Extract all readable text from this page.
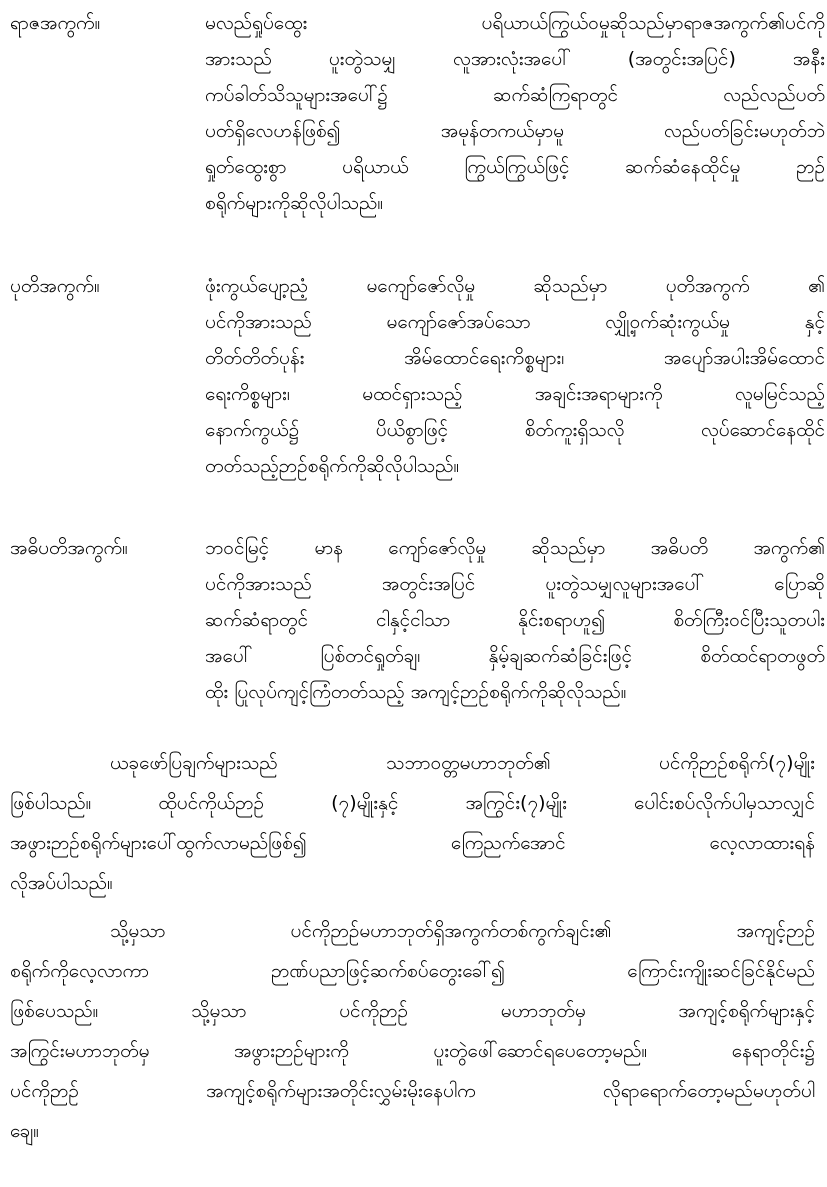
ရာဇအကွက်။	မလည်ရှုပ်ထွေး ပရိယာယ်ကြွယ်ဝမှုဆိုသည်မှာရာဇအကွက်၏ပင်ကို
အားသည် ပူးတွဲသမျှ လူအားလုံးအပေါ် (အတွင်းအပြင်) အနီး
ကပ်ခါတ်သိသူများအပေါ်၌ ဆက်ဆံကြရာတွင် လည်လည်ပတ်
ပတ်ရှိလေဟန်ဖြစ်၍ အမုန်တကယ်မှာမူ လည်ပတ်ခြင်းမဟုတ်ဘဲ
ရှုတ်ထွေးစွာ ပရိယာယ် ကြွယ်ကြွယ်ဖြင့် ဆက်ဆံနေထိုင်မှု ဉာဉ်
စရိုက်များကိုဆိုလိုပါသည်။
ပုတိအကွက်။	ဖုံးကွယ်ပျော့ညံ့ မကျော်ဇော်လိုမှု ဆိုသည်မှာ ပုတိအကွက် ၏
ပင်ကိုအားသည် မကျော်ဇော်အပ်သော လျှို့ဝှက်ဆုံးကွယ်မှု နှင့်
တိတ်တိတ်ပုန်း အိမ်ထောင်ရေးကိစ္စများ၊ အပျော်အပါးအိမ်ထောင်
ရေးကိစ္စများ၊ မထင်ရှားသည့် အချင်းအရာများကို လူမမြင်သည့်
နောက်ကွယ်၌ ပိယိစွာဖြင့် စိတ်ကူးရှိသလို လုပ်ဆောင်နေထိုင်
တတ်သည့်ဉာဉ်စရိုက်ကိုဆိုလိုပါသည်။
အဓိပတိအကွက်။	ဘဝင်မြင့် မာန ကျော်ဇော်လိုမှု ဆိုသည်မှာ အဓိပတိ အကွက်၏
ပင်ကိုအားသည် အတွင်းအပြင် ပူးတွဲသမျှလူများအပေါ် ပြောဆို
ဆက်ဆံရာတွင် ငါနှင့်ငါသာ နိုင်းစရာဟူ၍ စိတ်ကြီးဝင်ပြီးသူတပါး
အပေါ် ပြစ်တင်ရှုတ်ချ၊ နှိမ့်ချဆက်ဆံခြင်းဖြင့် စိတ်ထင်ရာတဖွတ်
ထိုး ပြုလုပ်ကျင့်ကြံတတ်သည့် အကျင့်ဉာဉ်စရိုက်ကိုဆိုလိုသည်။
ယခုဖော်ပြချက်များသည် သဘာဝတ္တမဟာဘုတ်၏ ပင်ကိုဉာဉ်စရိုက်(၇)မျိုး
ဖြစ်ပါသည်။ ထိုပင်ကိုယ်ဉာဉ် (၇)မျိုးနှင့် အကြွင်း(၇)မျိုး ပေါင်းစပ်လိုက်ပါမှသာလျှင်
အဖွားဉာဉ်စရိုက်များပေါ်ထွက်လာမည်ဖြစ်၍ ကြေညက်အောင် လေ့လာထားရန်
လိုအပ်ပါသည်။
သို့မှသာ ပင်ကိုဉာဉ်မဟာဘုတ်ရှိအကွက်တစ်ကွက်ချင်း၏ အကျင့်ဉာဉ်
စရိုက်ကိုလေ့လာကာ ဉာဏ်ပညာဖြင့်ဆက်စပ်တွေးခေါ်၍ ကြောင်းကျိုးဆင်ခြင်နိုင်မည်
ဖြစ်ပေသည်။ သို့မှသာ ပင်ကိုဉာဉ် မဟာဘုတ်မှ အကျင့်စရိုက်များနှင့်
အကြွင်းမဟာဘုတ်မှ အဖွားဉာဉ်များကို ပူးတွဲဖေါ်ဆောင်ရပေတော့မည်။ နေရာတိုင်း၌
ပင်ကိုဉာဉ် အကျင့်စရိုက်များအတိုင်းလွှမ်းမိုးနေပါက လိုရာရောက်တော့မည်မဟုတ်ပါ
ချေ။
